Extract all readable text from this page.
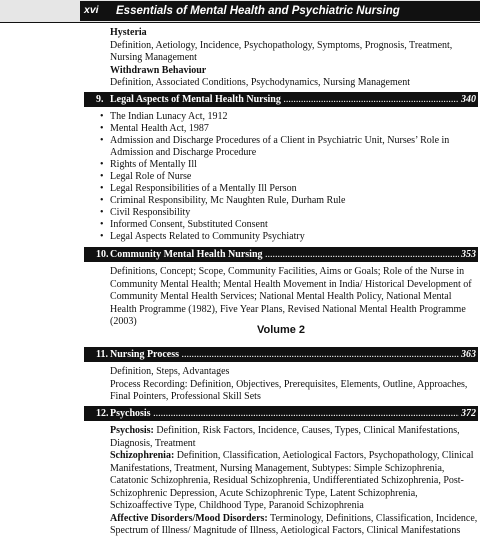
xvi Essentials of Mental Health and Psychiatric Nursing

Hysteria

Definition, Aetiology, Incidence, Psychopathology, Symptoms, Prognosis, Treatment, Nursing Management

Withdrawn Behaviour

Definition, Associated Conditions, Psychodynamics, Nursing Management

9. Legal Aspects of Mental Health Nursing .....	340
• The Indian Lunacy Act, 1912
• Mental Health Act, 1987
• Admission and Discharge Procedures of a Client in Psychiatric Unit, Nurses’ Role in Admission and Discharge Procedure
• Rights of Mentally Ill
• Legal Role of Nurse
• Legal Responsibilities of a Mentally Ill Person
• Criminal Responsibility, Mc Naughten Rule, Durham Rule
• Civil Responsibility
• Informed Consent, Substituted Consent
• Legal Aspects Related to Community Psychiatry
10. Community Mental Health Nursing .....	353

Definitions, Concept; Scope, Community Facilities, Aims or Goals; Role of the Nurse in Community Mental Health; Mental Health Movement in India/ Historical Development of Community Mental Health Services; National Mental Health Policy, National Mental Health Programme (1982), Five Year Plans, Revised National Mental Health Programme (2003)

Volume 2
11. Nursing Process .....	363

Definition, Steps, Advantages

Process Recording: Definition, Objectives, Prerequisites, Elements, Outline, Approaches, Final Pointers, Professional Skill Sets

12. Psychosis .....	372

Psychosis: Definition, Risk Factors, Incidence, Causes, Types, Clinical Manifestations, Diagnosis, Treatment

Schizophrenia: Definition, Classification, Aetiological Factors, Psychopathology, Clinical Manifestations, Treatment, Nursing Management, Subtypes: Simple Schizophrenia, Catatonic Schizophrenia, Residual Schizophrenia, Undifferentiated Schizophrenia, Post-Schizophrenic Depression, Acute Schizophrenic Type, Latent Schizophrenia, Schizoaffective Type, Childhood Type, Paranoid Schizophrenia

Affective Disorders/Mood Disorders: Terminology, Definitions, Classification, Incidence, Spectrum of Illness/ Magnitude of Illness, Aetiological Factors, Clinical Manifestations
